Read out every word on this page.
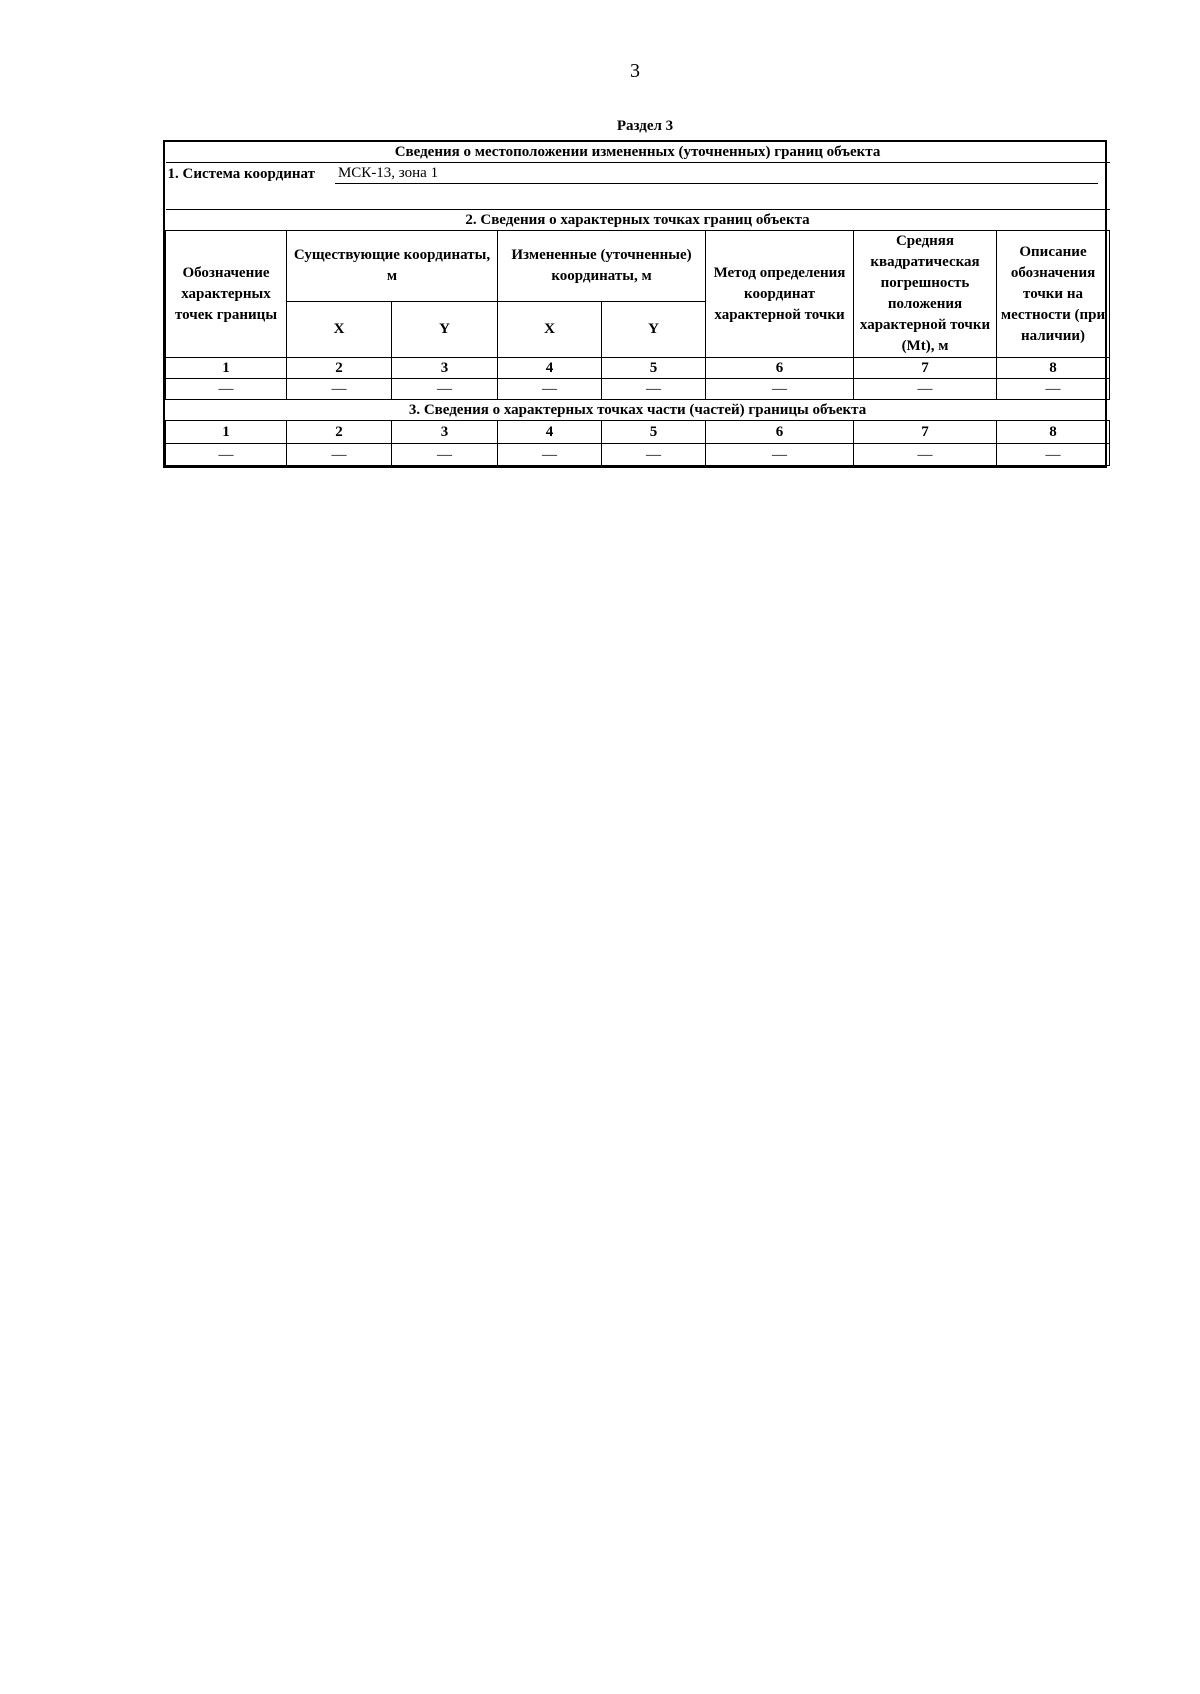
3
Раздел 3
Сведения о местоположении измененных (уточненных) границ объекта							

1. Система координат МСК-13, зона 1							

2. Сведения о характерных точках границ объекта							
Обозначение характерных точек границы	Существующие координаты, м		Измененные (уточненные) координаты, м		Метод определения координат характерной точки	Средняя квадратическая погрешность положения характерной точки (Mt), м	Описание обозначения точки на местности (при наличии)
	X	Y	X	Y			
1	2	3	4	5	6	7	8
—	—	—	—	—	—	—	—
3. Сведения о характерных точках части (частей) границы объекта							
1	2	3	4	5	6	7	8
—	—	—	—	—	—	—	—
